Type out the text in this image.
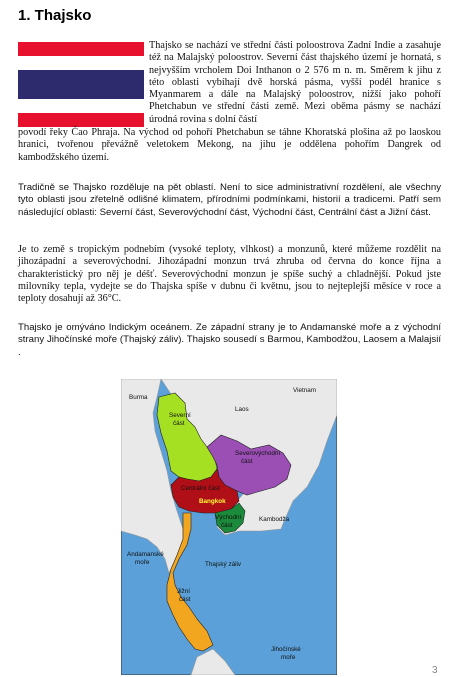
1. Thajsko
Thajsko se nachází ve střední části poloostrova Zadní Indie a zasahuje též na Malajský poloostrov. Severní část thajského území je hornatá, s nejvyšším vrcholem Doi Inthanon o 2 576 m n. m. Směrem k jihu z této oblasti vybíhají dvě horská pásma, vyšší podél hranice s Myanmarem a dále na Malajský poloostrov, nižší jako pohoří Phetchabun ve střední části země. Mezi oběma pásmy se nachází úrodná rovina s dolní částí
povodí řeky Čao Phraja. Na východ od pohoří Phetchabun se táhne Khoratská plošina až po laoskou hranici, tvořenou převážně veletokem Mekong, na jihu je oddělena pohořím Dangrek od kambodžského území.
Tradičně se Thajsko rozděluje na pět oblastí. Není to sice administrativní rozdělení, ale všechny tyto oblasti jsou zřetelně odlišné klimatem, přírodními podmínkami, historií a tradicemi. Patří sem následující oblasti: Severní část, Severovýchodní část, Východní část, Centrální část a Jižní část.
Je to země s tropickým podnebím (vysoké teploty, vlhkost) a monzunů, které můžeme rozdělit na jihozápadní a severovýchodní. Jihozápadní monzun trvá zhruba od června do konce října a charakteristický pro něj je déšť. Severovýchodní monzun je spíše suchý a chladnější. Pokud jste milovníky tepla, vydejte se do Thajska spíše v dubnu či květnu, jsou to nejteplejší měsíce v roce a teploty dosahují až 36°C.
Thajsko je omýváno Indickým oceánem. Ze západní strany je to Andamanské moře a z východní strany Jihočínské moře (Thajský záliv). Thajsko sousedí s Barmou, Kambodžou, Laosem a Malajsií .
Burma
Laos
Vietnam
Severní
část
Severovýchodní
část
Centrální část
Bangkok
Východní
část
Kambodža
Andamanské
moře	Thajský záliv
Jižní
část
Jihočínské
moře
3
